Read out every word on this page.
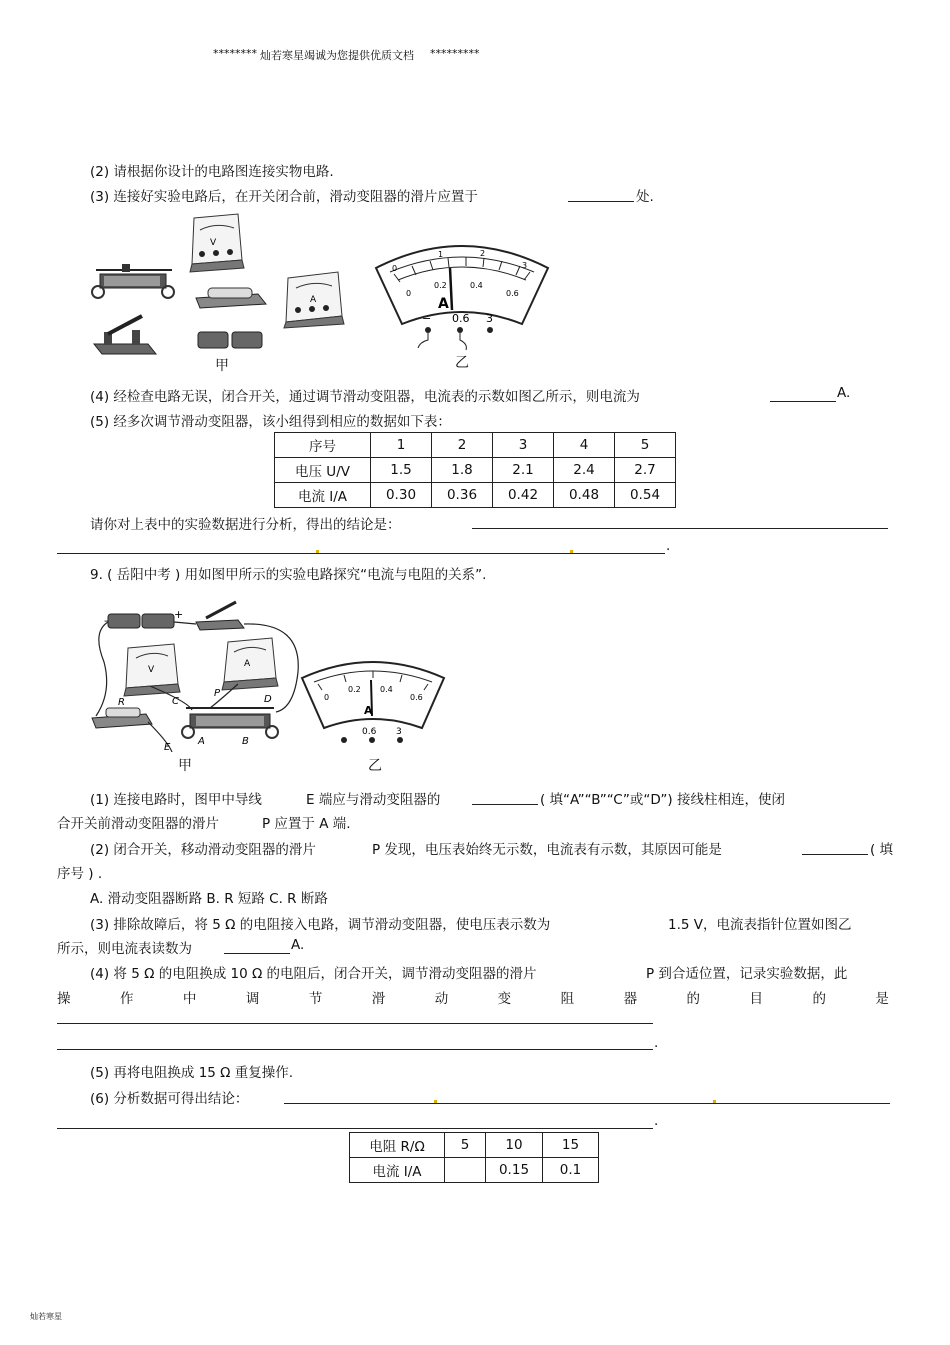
******** 灿若寒星竭诚为您提供优质文档 *********
(2) 请根据你设计的电路图连接实物电路.
(3) 连接好实验电路后，在开关闭合前，滑动变阻器的滑片应置于	处.
V
A
甲
0
1	2
3
0
0.2	0.4
0.6
A
− 0.6 3
乙
(4) 经检查电路无误，闭合开关，通过调节滑动变阻器，电流表的示数如图乙所示，则电流为	A.
(5) 经多次调节滑动变阻器，该小组得到相应的数据如下表：
序号	1	2	3	4	5
电压 U/V	1.5	1.8	2.1	2.4	2.7
电流 I/A	0.30	0.36	0.42	0.48	0.54
请你对上表中的实验数据进行分析，得出的结论是：
.
9. ( 岳阳中考 ) 用如图甲所示的实验电路探究“电流与电阻的关系”.
-	+
V
A
R	C
P
D
E
A	B
甲
0
0.2 0.4
0.6
A
0.6 3
乙
(1) 连接电路时，图甲中导线	E 端应与滑动变阻器的	( 填“A”“B”“C”或“D”) 接线柱相连，使闭
合开关前滑动变阻器的滑片	P 应置于 A 端.
(2) 闭合开关，移动滑动变阻器的滑片	P 发现，电压表始终无示数，电流表有示数，其原因可能是	( 填
序号 ) .
A. 滑动变阻器断路 B. R 短路 C. R 断路
(3) 排除故障后，将 5 Ω 的电阻接入电路，调节滑动变阻器，使电压表示数为	1.5 V，电流表指针位置如图乙
所示，则电流表读数为	A.
(4) 将 5 Ω 的电阻换成 10 Ω 的电阻后，闭合开关，调节滑动变阻器的滑片	P 到合适位置，记录实验数据，此
操	作	中	调	节	滑	动	变	阻	器	的	目	的	是
.
(5) 再将电阻换成 15 Ω 重复操作.
(6) 分析数据可得出结论：
.
电阻 R/Ω	5	10	15
电流 I/A		0.15	0.1
灿若寒星
